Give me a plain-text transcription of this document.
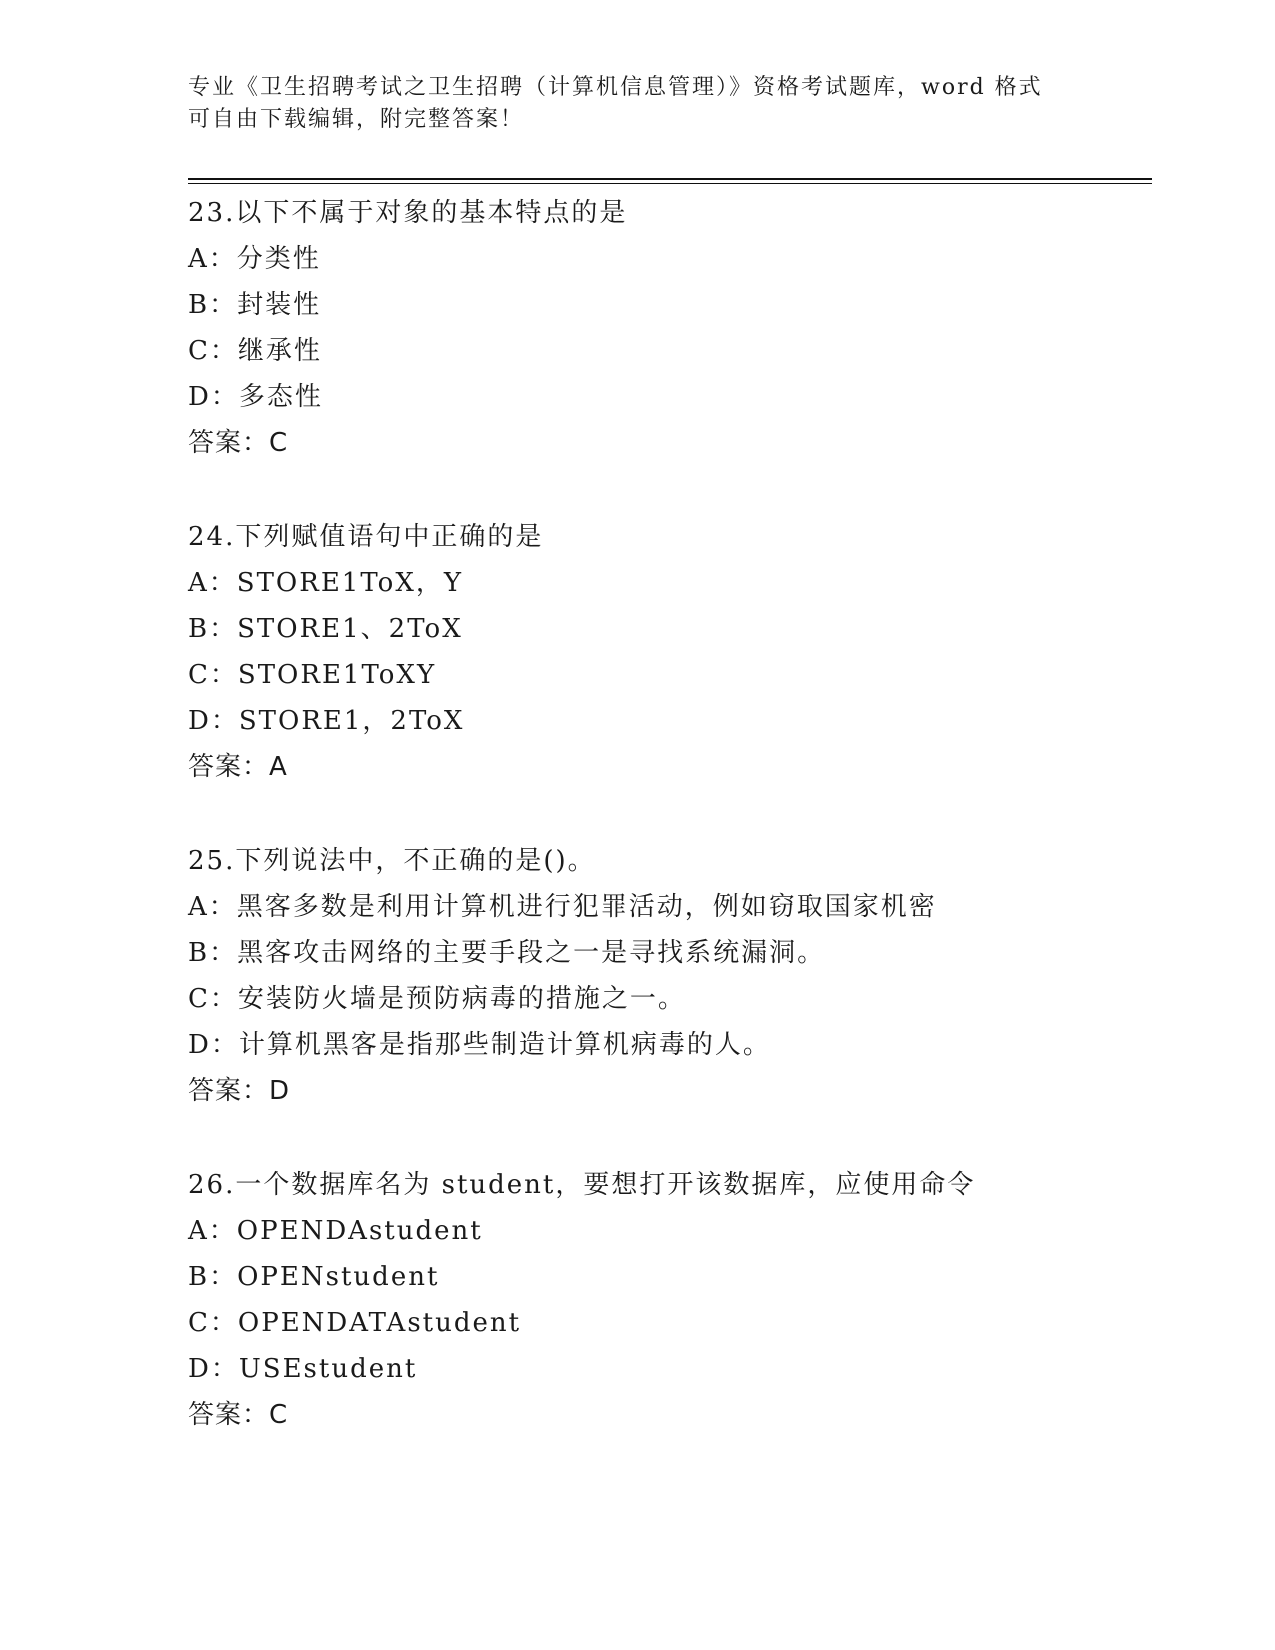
专业《卫生招聘考试之卫生招聘（计算机信息管理）》资格考试题库，word 格式
可自由下载编辑，附完整答案！
23.以下不属于对象的基本特点的是
A：分类性
B：封装性
C：继承性
D：多态性
答案：C
24.下列赋值语句中正确的是
A：STORE1ToX，Y
B：STORE1、2ToX
C：STORE1ToXY
D：STORE1，2ToX
答案：A
25.下列说法中，不正确的是()。
A：黑客多数是利用计算机进行犯罪活动，例如窃取国家机密
B：黑客攻击网络的主要手段之一是寻找系统漏洞。
C：安装防火墙是预防病毒的措施之一。
D：计算机黑客是指那些制造计算机病毒的人。
答案：D
26.一个数据库名为 student，要想打开该数据库，应使用命令
A：OPENDAstudent
B：OPENstudent
C：OPENDATAstudent
D：USEstudent
答案：C
